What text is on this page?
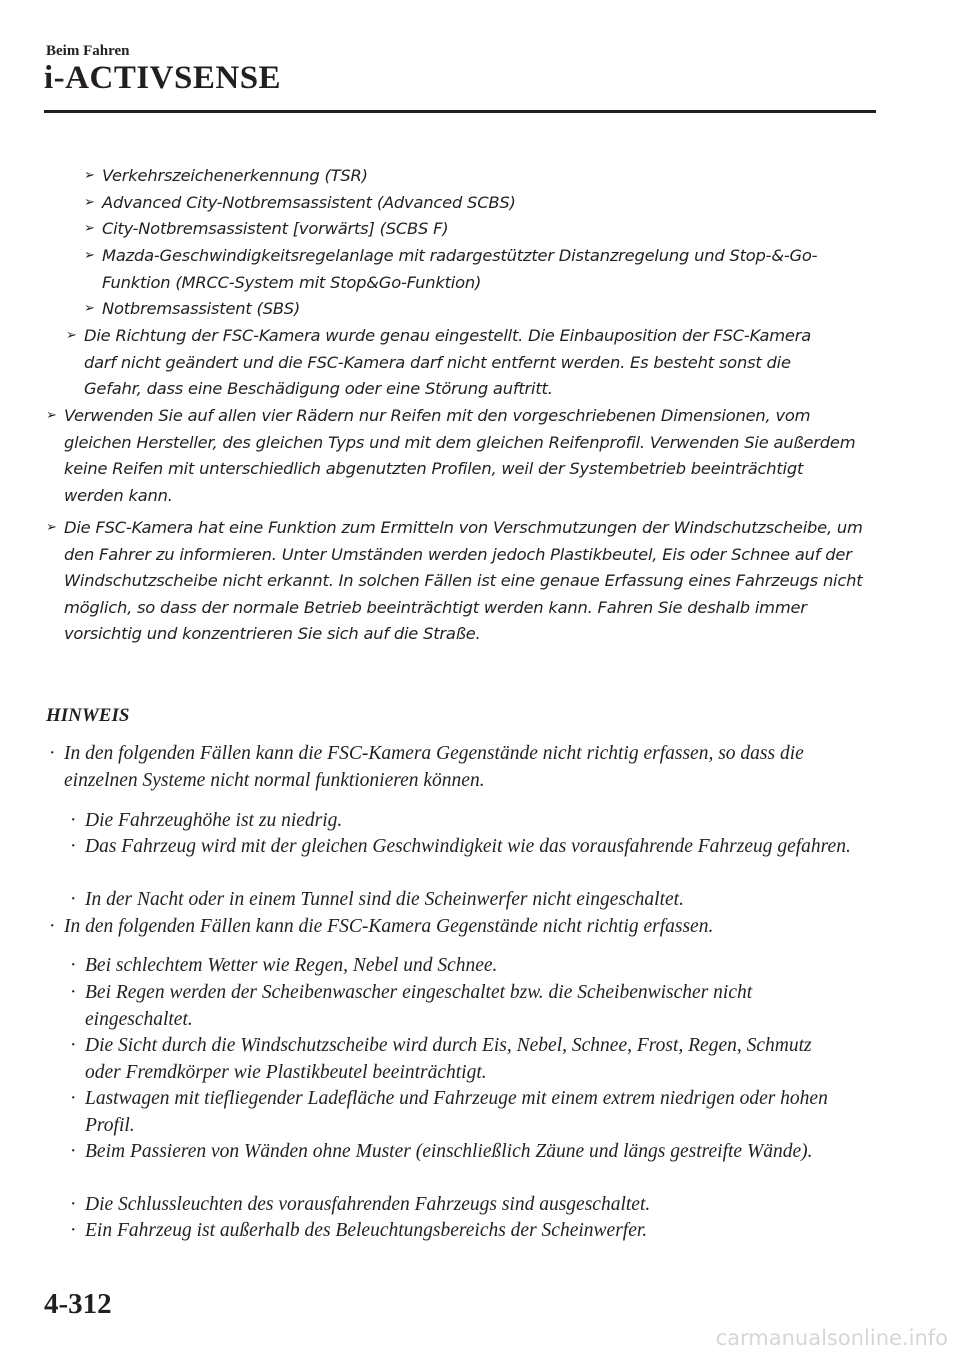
Beim Fahren
i-ACTIVSENSE
➢ Verkehrszeichenerkennung (TSR)
➢ Advanced City-Notbremsassistent (Advanced SCBS)
➢ City-Notbremsassistent [vorwärts] (SCBS F)
➢ Mazda-Geschwindigkeitsregelanlage mit radargestützter Distanzregelung und Stop-&-Go-Funktion (MRCC-System mit Stop&Go-Funktion)
➢ Notbremsassistent (SBS)
➢ Die Richtung der FSC-Kamera wurde genau eingestellt. Die Einbauposition der FSC-Kamera darf nicht geändert und die FSC-Kamera darf nicht entfernt werden. Es besteht sonst die Gefahr, dass eine Beschädigung oder eine Störung auftritt.
➢ Verwenden Sie auf allen vier Rädern nur Reifen mit den vorgeschriebenen Dimensionen, vom gleichen Hersteller, des gleichen Typs und mit dem gleichen Reifenprofil. Verwenden Sie außerdem keine Reifen mit unterschiedlich abgenutzten Profilen, weil der Systembetrieb beeinträchtigt werden kann.
➢ Die FSC-Kamera hat eine Funktion zum Ermitteln von Verschmutzungen der Windschutzscheibe, um den Fahrer zu informieren. Unter Umständen werden jedoch Plastikbeutel, Eis oder Schnee auf der Windschutzscheibe nicht erkannt. In solchen Fällen ist eine genaue Erfassung eines Fahrzeugs nicht möglich, so dass der normale Betrieb beeinträchtigt werden kann. Fahren Sie deshalb immer vorsichtig und konzentrieren Sie sich auf die Straße.
HINWEIS
· In den folgenden Fällen kann die FSC-Kamera Gegenstände nicht richtig erfassen, so dass die einzelnen Systeme nicht normal funktionieren können.
· Die Fahrzeughöhe ist zu niedrig.
· Das Fahrzeug wird mit der gleichen Geschwindigkeit wie das vorausfahrende Fahrzeug gefahren.
· In der Nacht oder in einem Tunnel sind die Scheinwerfer nicht eingeschaltet.
· In den folgenden Fällen kann die FSC-Kamera Gegenstände nicht richtig erfassen.
· Bei schlechtem Wetter wie Regen, Nebel und Schnee.
· Bei Regen werden der Scheibenwascher eingeschaltet bzw. die Scheibenwischer nicht eingeschaltet.
· Die Sicht durch die Windschutzscheibe wird durch Eis, Nebel, Schnee, Frost, Regen, Schmutz oder Fremdkörper wie Plastikbeutel beeinträchtigt.
· Lastwagen mit tiefliegender Ladefläche und Fahrzeuge mit einem extrem niedrigen oder hohen Profil.
· Beim Passieren von Wänden ohne Muster (einschließlich Zäune und längs gestreifte Wände).
· Die Schlussleuchten des vorausfahrenden Fahrzeugs sind ausgeschaltet.
· Ein Fahrzeug ist außerhalb des Beleuchtungsbereichs der Scheinwerfer.
4-312
carmanualsonline.info
